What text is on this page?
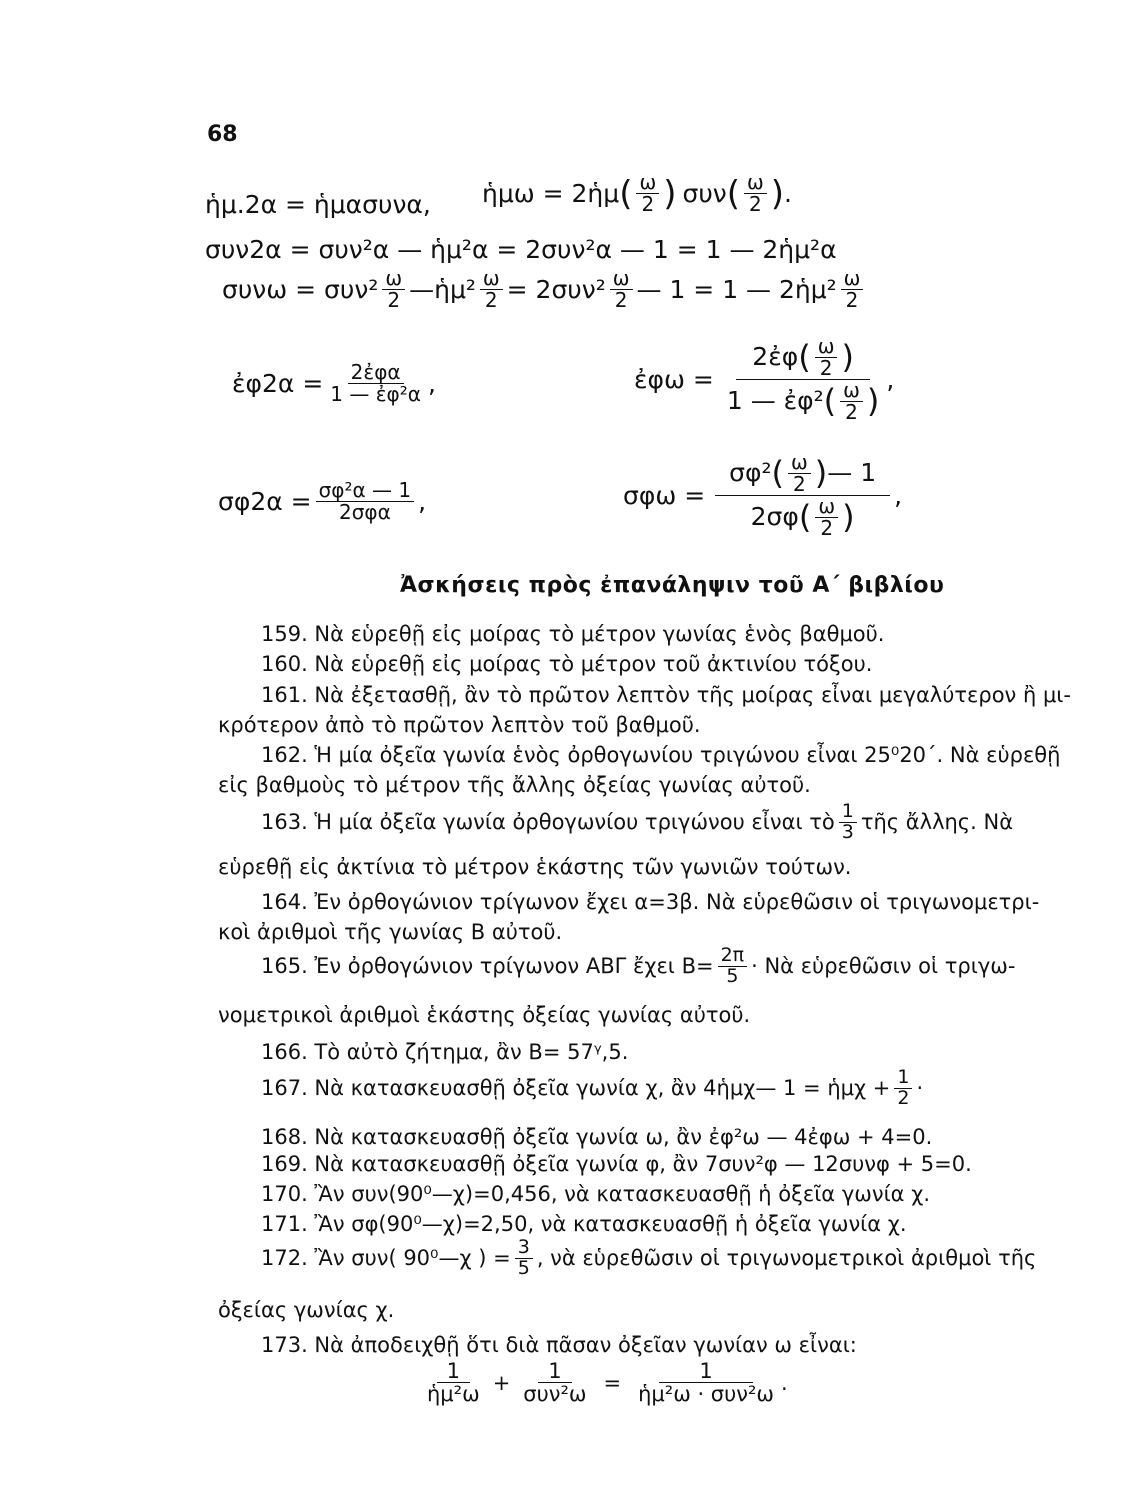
68
ἡμ.2α = ἡμασυνα, ἡμω = 2ἡμ ( $\frac{\omega}{2}$ ) συν ( $\frac{\omega}{2}$ ) .
συν2α = συν²α — ἡμ²α = 2συν²α — 1 = 1 — 2ἡμ²α
$\sigma\upsilon\nu\omega = \sigma\upsilon\nu^2 \frac{\omega}{2}$ —ἡμ² $\frac{\omega}{2} = 2\sigma\upsilon\nu^2 \frac{\omega}{2}$ — 1 = 1 — 2ἡμ² $\frac{\omega}{2}$
ἐφ2α = $\frac{\text{2ἐφα}}{\text{1 — ἐφ²α}}$ ,	ἐφω = $\frac{2ἐ\varphi ( \frac{\omega}{2} )}{1 — ἐ\varphi^2 ( \frac{\omega}{2} )}$ ,
$\sigma\varphi 2\alpha = \frac{\text{σφ²α — 1}}{\text{2σφα}}$ ,	$\sigma\varphi\omega = \frac{\sigma\varphi^2 ( \frac{\omega}{2} ) — 1}{2\sigma\varphi ( \frac{\omega}{2} )}$ ,
Ἀσκήσεις πρὸς ἐπανάληψιν τοῦ Α΄ βιβλίου
159. Νὰ εὑρεθῇ εἰς μοίρας τὸ μέτρον γωνίας ἑνὸς βαθμοῦ.
160. Νὰ εὑρεθῇ εἰς μοίρας τὸ μέτρον τοῦ ἀκτινίου τόξου.
161. Νὰ ἐξετασθῇ, ἂν τὸ πρῶτον λεπτὸν τῆς μοίρας εἶναι μεγαλύτερον ἢ μι-
κρότερον ἀπὸ τὸ πρῶτον λεπτὸν τοῦ βαθμοῦ.
162. Ἡ μία ὀξεῖα γωνία ἑνὸς ὀρθογωνίου τριγώνου εἶναι 25⁰20΄. Νὰ εὑρεθῇ
εἰς βαθμοὺς τὸ μέτρον τῆς ἄλλης ὀξείας γωνίας αὐτοῦ.
163. Ἡ μία ὀξεῖα γωνία ὀρθογωνίου τριγώνου εἶναι τὸ $\frac{1}{3}$ τῆς ἄλλης. Νὰ
εὑρεθῇ εἰς ἀκτίνια τὸ μέτρον ἑκάστης τῶν γωνιῶν τούτων.
164. Ἐν ὀρθογώνιον τρίγωνον ἔχει α=3β. Νὰ εὑρεθῶσιν οἱ τριγωνομετρι-
κοὶ ἀριθμοὶ τῆς γωνίας Β αὐτοῦ.
165. Ἐν ὀρθογώνιον τρίγωνον ΑΒΓ ἔχει $B= \frac{2\pi}{5}$ · Νὰ εὑρεθῶσιν οἱ τριγω-
νομετρικοὶ ἀριθμοὶ ἑκάστης ὀξείας γωνίας αὐτοῦ.
166. Τὸ αὐτὸ ζήτημα, ἂν Β= 57ᵞ,5.
167. Νὰ κατασκευασθῇ ὀξεῖα γωνία χ, ἂν 4ἡμχ— 1 = ἡμχ + $\frac{1}{2}$ ·
168. Νὰ κατασκευασθῇ ὀξεῖα γωνία ω, ἂν ἐφ²ω — 4ἐφω + 4=0.
169. Νὰ κατασκευασθῇ ὀξεῖα γωνία φ, ἂν 7συν²φ — 12συνφ + 5=0.
170. Ἂν συν(90⁰—χ)=0,456, νὰ κατασκευασθῇ ἡ ὀξεῖα γωνία χ.
171. Ἂν σφ(90⁰—χ)=2,50, νὰ κατασκευασθῇ ἡ ὀξεῖα γωνία χ.
172. Ἂν συν( 90⁰—χ ) = $\frac{3}{5}$ , νὰ εὑρεθῶσιν οἱ τριγωνομετρικοὶ ἀριθμοὶ τῆς
ὀξείας γωνίας χ.
173. Νὰ ἀποδειχθῇ ὅτι διὰ πᾶσαν ὀξεῖαν γωνίαν ω εἶναι:
$\frac{1}{\text{ἡμ²ω}} + \frac{1}{\text{συν²ω}} = \frac{1}{\text{ἡμ²ω · συν²ω}}$ .
